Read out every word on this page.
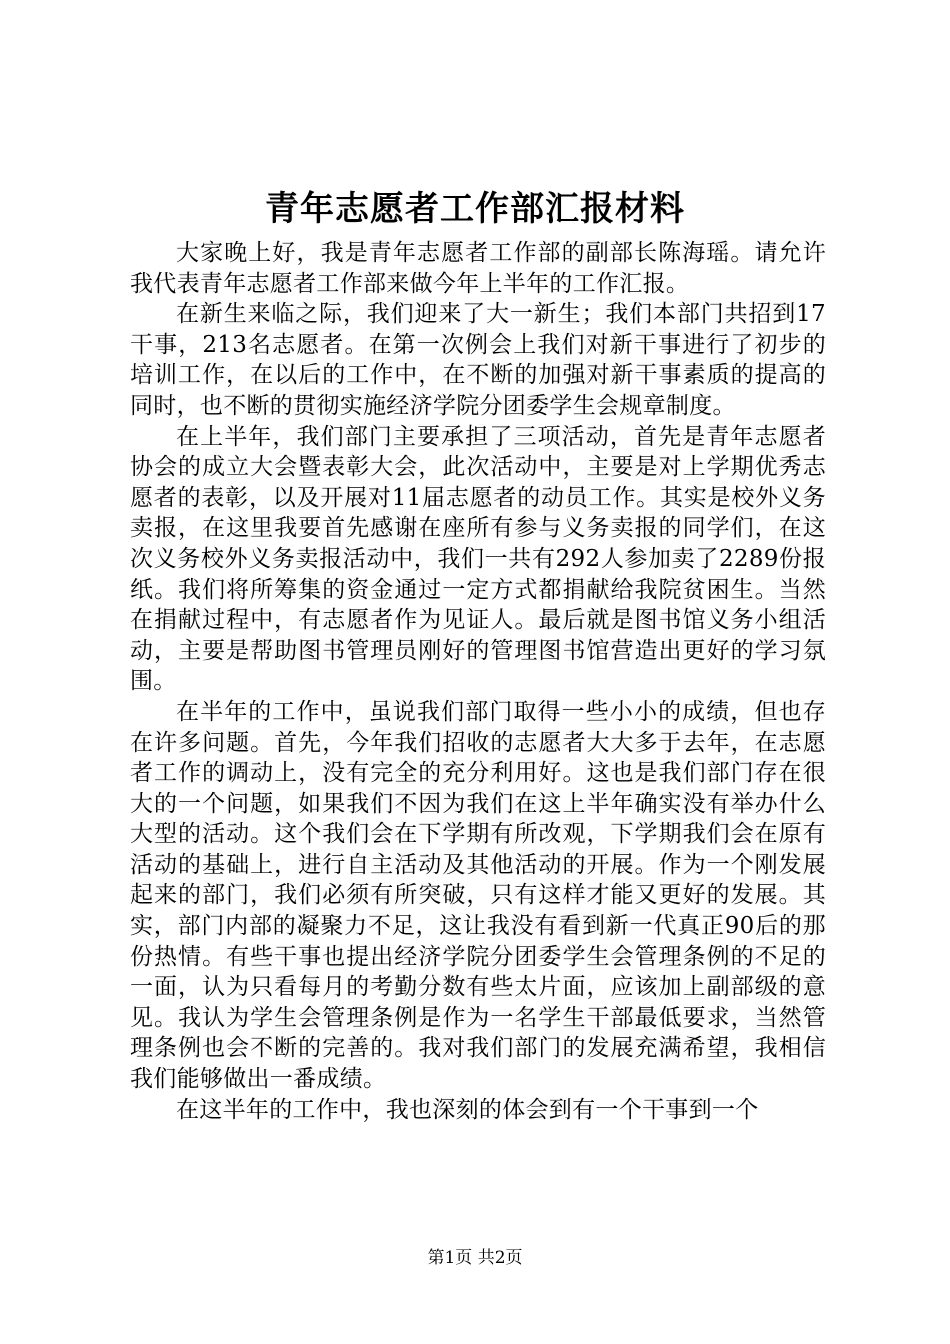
青年志愿者工作部汇报材料

大家晚上好，我是青年志愿者工作部的副部长陈海瑶。请允许我代表青年志愿者工作部来做今年上半年的工作汇报。

在新生来临之际，我们迎来了大一新生；我们本部门共招到17干事，213名志愿者。在第一次例会上我们对新干事进行了初步的培训工作，在以后的工作中，在不断的加强对新干事素质的提高的同时，也不断的贯彻实施经济学院分团委学生会规章制度。

在上半年，我们部门主要承担了三项活动，首先是青年志愿者协会的成立大会暨表彰大会，此次活动中，主要是对上学期优秀志愿者的表彰，以及开展对11届志愿者的动员工作。其实是校外义务卖报，在这里我要首先感谢在座所有参与义务卖报的同学们，在这次义务校外义务卖报活动中，我们一共有292人参加卖了2289份报纸。我们将所筹集的资金通过一定方式都捐献给我院贫困生。当然在捐献过程中，有志愿者作为见证人。最后就是图书馆义务小组活动，主要是帮助图书管理员刚好的管理图书馆营造出更好的学习氛围。

在半年的工作中，虽说我们部门取得一些小小的成绩，但也存在许多问题。首先，今年我们招收的志愿者大大多于去年，在志愿者工作的调动上，没有完全的充分利用好。这也是我们部门存在很大的一个问题，如果我们不因为我们在这上半年确实没有举办什么大型的活动。这个我们会在下学期有所改观，下学期我们会在原有活动的基础上，进行自主活动及其他活动的开展。作为一个刚发展起来的部门，我们必须有所突破，只有这样才能又更好的发展。其实，部门内部的凝聚力不足，这让我没有看到新一代真正90后的那份热情。有些干事也提出经济学院分团委学生会管理条例的不足的一面，认为只看每月的考勤分数有些太片面，应该加上副部级的意见。我认为学生会管理条例是作为一名学生干部最低要求，当然管理条例也会不断的完善的。我对我们部门的发展充满希望，我相信我们能够做出一番成绩。

在这半年的工作中，我也深刻的体会到有一个干事到一个

第1页 共2页
